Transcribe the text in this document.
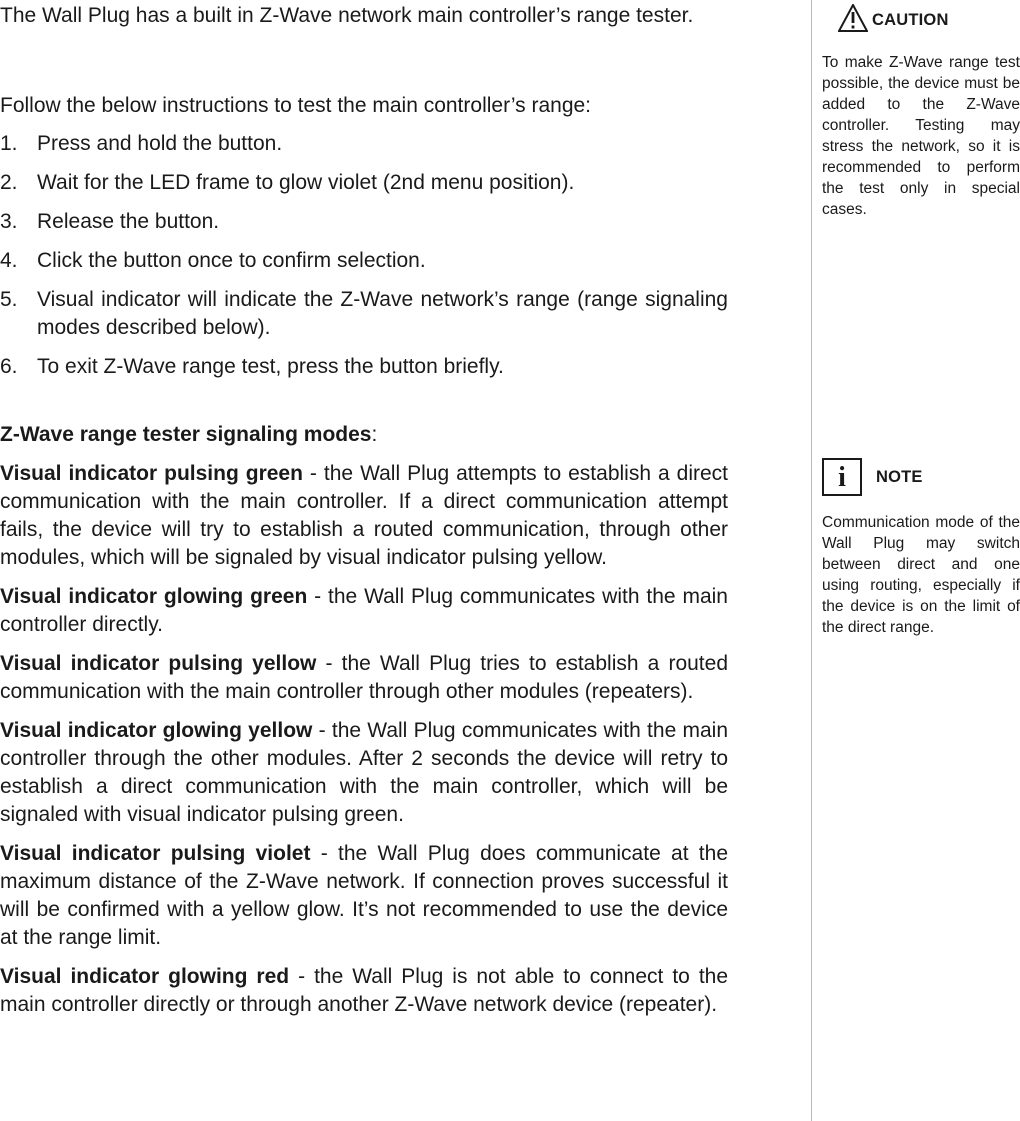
The Wall Plug has a built in Z-Wave network main controller’s range tester.

Follow the below instructions to test the main controller’s range:

1. Press and hold the button.
2. Wait for the LED frame to glow violet (2nd menu position).
3. Release the button.
4. Click the button once to confirm selection.
5. Visual indicator will indicate the Z-Wave network’s range (range signaling modes described below).
6. To exit Z-Wave range test, press the button briefly.

Z-Wave range tester signaling modes:

Visual indicator pulsing green - the Wall Plug attempts to establish a direct communication with the main controller. If a direct communication attempt fails, the device will try to establish a routed communication, through other modules, which will be signaled by visual indicator pulsing yellow.

Visual indicator glowing green - the Wall Plug communicates with the main controller directly.

Visual indicator pulsing yellow - the Wall Plug tries to establish a routed communication with the main controller through other modules (repeaters).

Visual indicator glowing yellow - the Wall Plug communicates with the main controller through the other modules. After 2 seconds the device will retry to establish a direct communication with the main controller, which will be signaled with visual indicator pulsing green.

Visual indicator pulsing violet - the Wall Plug does communicate at the maximum distance of the Z-Wave network. If connection proves successful it will be confirmed with a yellow glow. It’s not recommended to use the device at the range limit.

Visual indicator glowing red - the Wall Plug is not able to connect to the main controller directly or through another Z-Wave network device (repeater).

CAUTION

To make Z-Wave range test possible, the device must be added to the Z-Wave controller. Testing may stress the network, so it is recommended to perform the test only in special cases.

i	NOTE

Communication mode of the Wall Plug may switch between direct and one using routing, especially if the device is on the limit of the direct range.
